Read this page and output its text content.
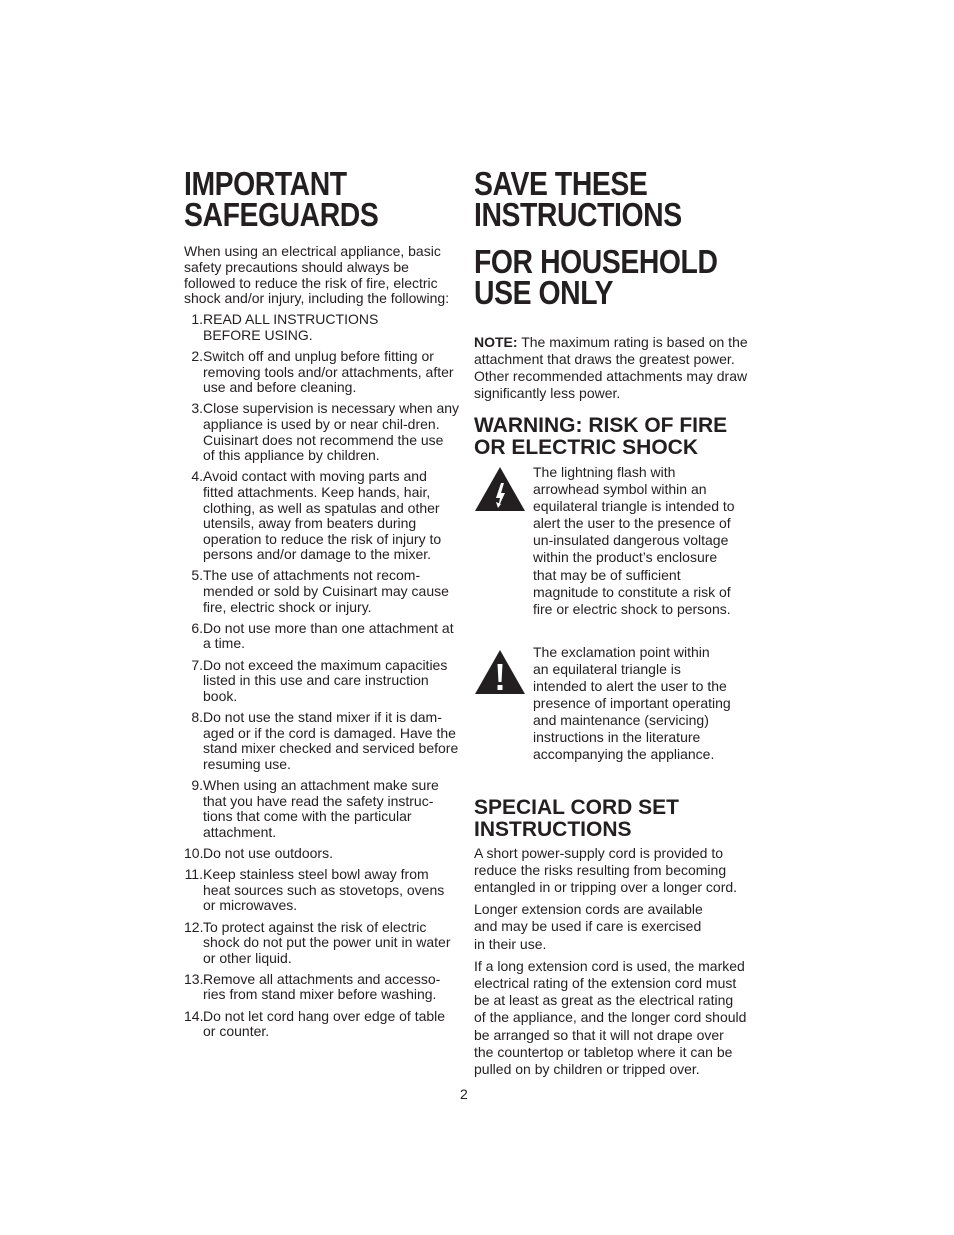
IMPORTANT
SAFEGUARDS

When using an electrical appliance, basic safety precautions should always be followed to reduce the risk of fire, electric shock and/or injury, including the following:

1. READ ALL INSTRUCTIONS
BEFORE USING.
2. Switch off and unplug before fitting or removing tools and/or attachments, after use and before cleaning.
3. Close supervision is necessary when any appliance is used by or near chil-dren. Cuisinart does not recommend the use of this appliance by children.
4. Avoid contact with moving parts and fitted attachments. Keep hands, hair, clothing, as well as spatulas and other utensils, away from beaters during operation to reduce the risk of injury to persons and/or damage to the mixer.
5. The use of attachments not recom-mended or sold by Cuisinart may cause fire, electric shock or injury.
6. Do not use more than one attachment at a time.
7. Do not exceed the maximum capacities listed in this use and care instruction book.
8. Do not use the stand mixer if it is dam-aged or if the cord is damaged. Have the stand mixer checked and serviced before resuming use.
9. When using an attachment make sure that you have read the safety instruc-tions that come with the particular attachment.
10. Do not use outdoors.
11. Keep stainless steel bowl away from heat sources such as stovetops, ovens or microwaves.
12. To protect against the risk of electric shock do not put the power unit in water or other liquid.
13. Remove all attachments and accesso-ries from stand mixer before washing.
14. Do not let cord hang over edge of table or counter.
SAVE THESE
INSTRUCTIONS
FOR HOUSEHOLD
USE ONLY

NOTE: The maximum rating is based on the attachment that draws the greatest power. Other recommended attachments may draw significantly less power.

WARNING: RISK OF FIRE
OR ELECTRIC SHOCK
The lightning flash with
arrowhead symbol within an
equilateral triangle is intended to
alert the user to the presence of
un-insulated dangerous voltage
within the product’s enclosure
that may be of sufficient
magnitude to constitute a risk of
fire or electric shock to persons.
The exclamation point within
an equilateral triangle is
intended to alert the user to the
presence of important operating
and maintenance (servicing)
instructions in the literature
accompanying the appliance.
SPECIAL CORD SET
INSTRUCTIONS

A short power-supply cord is provided to
reduce the risks resulting from becoming
entangled in or tripping over a longer cord.

Longer extension cords are available
and may be used if care is exercised
in their use.

If a long extension cord is used, the marked
electrical rating of the extension cord must
be at least as great as the electrical rating
of the appliance, and the longer cord should
be arranged so that it will not drape over
the countertop or tabletop where it can be
pulled on by children or tripped over.

2
